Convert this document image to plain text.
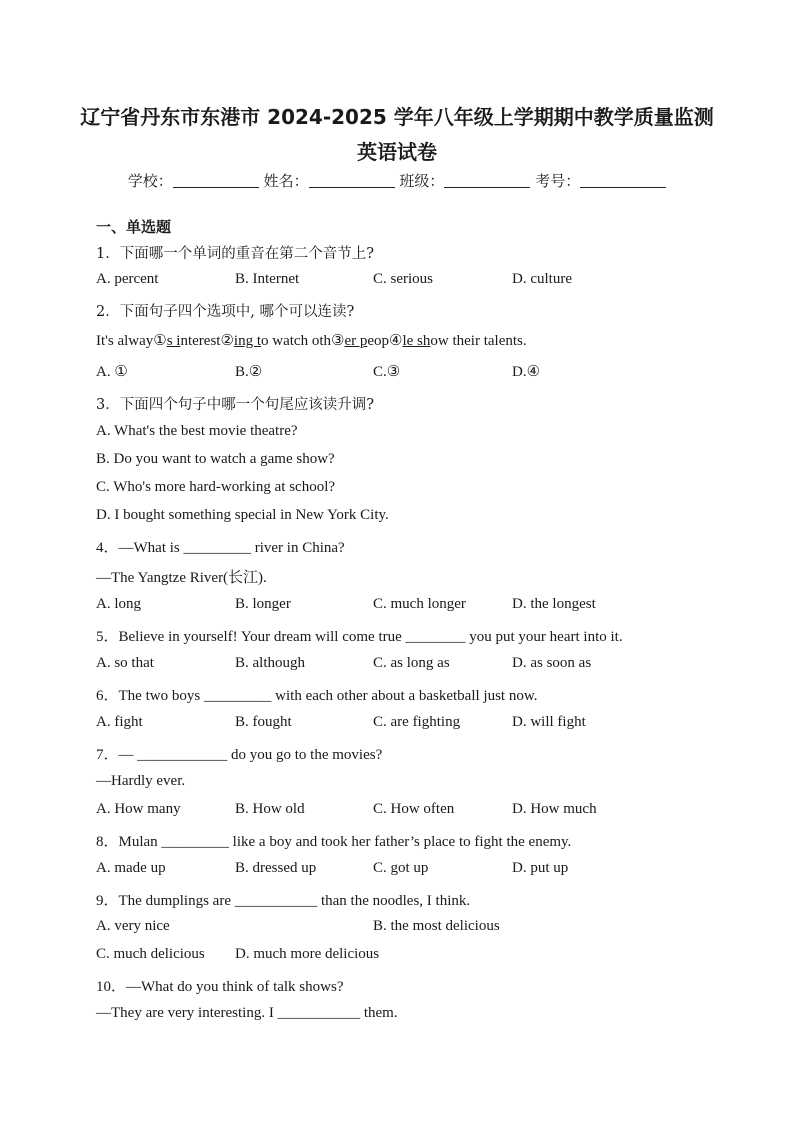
辽宁省丹东市东港市 2024-2025 学年八年级上学期期中教学质量监测
英语试卷
学校：	姓名：	班级：	考号：
一、单选题
1．下面哪一个单词的重音在第二个音节上?
A. percent	B. Internet	C. serious	D. culture
2．下面句子四个选项中, 哪个可以连读?
It's alway①s interest②ing to watch oth③er peop④le show their talents.
A. ①	B.②	C.③	D.④
3．下面四个句子中哪一个句尾应该读升调?
A. What's the best movie theatre?
B. Do you want to watch a game show?
C. Who's more hard-working at school?
D. I bought something special in New York City.
4．—What is _________ river in China?
—The Yangtze River(长江).
A. long	B. longer	C. much longer	D. the longest
5．Believe in yourself! Your dream will come true ________ you put your heart into it.
A. so that	B. although	C. as long as	D. as soon as
6．The two boys _________ with each other about a basketball just now.
A. fight	B. fought	C. are fighting	D. will fight
7．— ____________ do you go to the movies?
—Hardly ever.
A. How many	B. How old	C. How often	D. How much
8．Mulan _________ like a boy and took her father’s place to fight the enemy.
A. made up	B. dressed up	C. got up	D. put up
9．The dumplings are ___________ than the noodles, I think.
A. very nice	B. the most delicious
C. much delicious D. much more delicious
10．—What do you think of talk shows?
—They are very interesting. I ___________ them.
